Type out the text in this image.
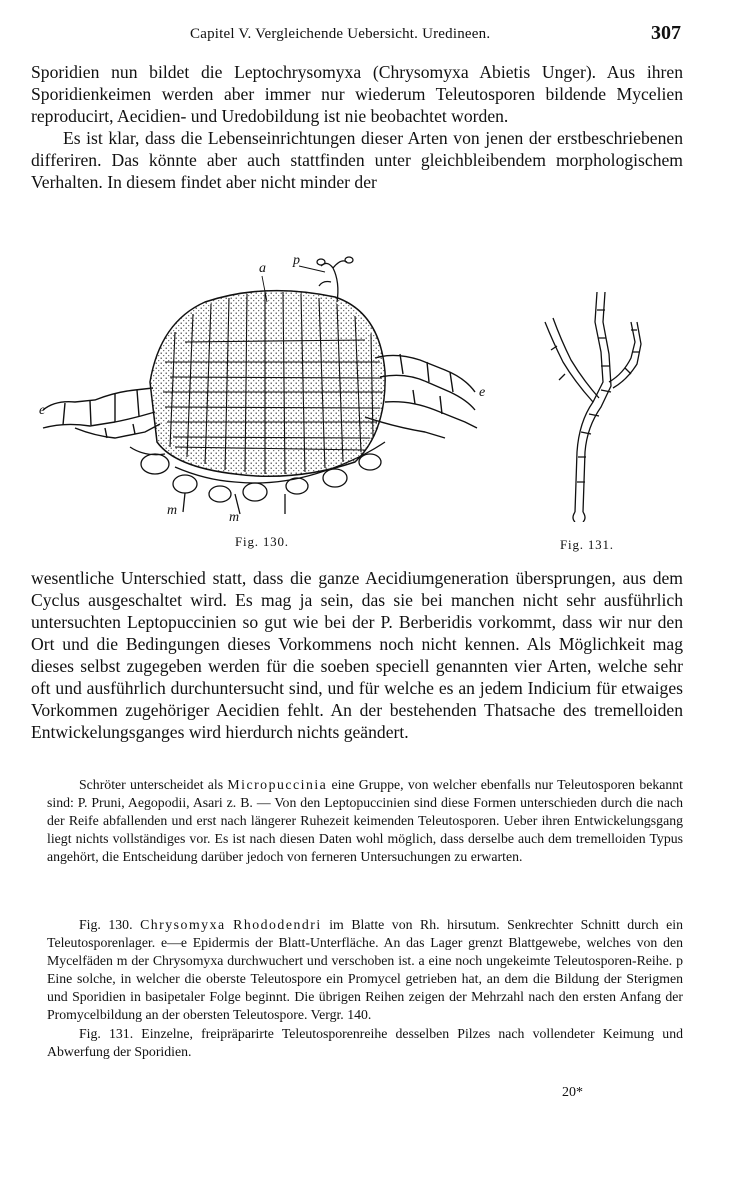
Capitel V. Vergleichende Uebersicht. Uredineen.	307

Sporidien nun bildet die Leptochrysomyxa (Chrysomyxa Abietis Unger). Aus ihren Sporidienkeimen werden aber immer nur wiederum Teleutosporen bildende Mycelien reproducirt, Aecidien- und Uredobildung ist nie beobachtet worden.

Es ist klar, dass die Lebenseinrichtungen dieser Arten von jenen der erstbeschriebenen differiren. Das könnte aber auch stattfinden unter gleichbleibendem morphologischem Verhalten. In diesem findet aber nicht minder der

a
p
e
e
m	m
Fig. 130.	Fig. 131.

wesentliche Unterschied statt, dass die ganze Aecidiumgeneration übersprungen, aus dem Cyclus ausgeschaltet wird. Es mag ja sein, das sie bei manchen nicht sehr ausführlich untersuchten Leptopuccinien so gut wie bei der P. Berberidis vorkommt, dass wir nur den Ort und die Bedingungen dieses Vorkommens noch nicht kennen. Als Möglichkeit mag dieses selbst zugegeben werden für die soeben speciell genannten vier Arten, welche sehr oft und ausführlich durchuntersucht sind, und für welche es an jedem Indicium für etwaiges Vorkommen zugehöriger Aecidien fehlt. An der bestehenden Thatsache des tremelloiden Entwickelungsganges wird hierdurch nichts geändert.

Schröter unterscheidet als Micropuccinia eine Gruppe, von welcher ebenfalls nur Teleutosporen bekannt sind: P. Pruni, Aegopodii, Asari z. B. — Von den Leptopuccinien sind diese Formen unterschieden durch die nach der Reife abfallenden und erst nach längerer Ruhezeit keimenden Teleutosporen. Ueber ihren Entwickelungsgang liegt nichts vollständiges vor. Es ist nach diesen Daten wohl möglich, dass derselbe auch dem tremelloiden Typus angehört, die Entscheidung darüber jedoch von ferneren Untersuchungen zu erwarten.

Fig. 130. Chrysomyxa Rhododendri im Blatte von Rh. hirsutum. Senkrechter Schnitt durch ein Teleutosporenlager. e—e Epidermis der Blatt-Unterfläche. An das Lager grenzt Blattgewebe, welches von den Mycelfäden m der Chrysomyxa durchwuchert und verschoben ist. a eine noch ungekeimte Teleutosporen-Reihe. p Eine solche, in welcher die oberste Teleutospore ein Promycel getrieben hat, an dem die Bildung der Sterigmen und Sporidien in basipetaler Folge beginnt. Die übrigen Reihen zeigen der Mehrzahl nach den ersten Anfang der Promycelbildung an der obersten Teleutospore. Vergr. 140.

Fig. 131. Einzelne, freipräparirte Teleutosporenreihe desselben Pilzes nach vollendeter Keimung und Abwerfung der Sporidien.

20*
